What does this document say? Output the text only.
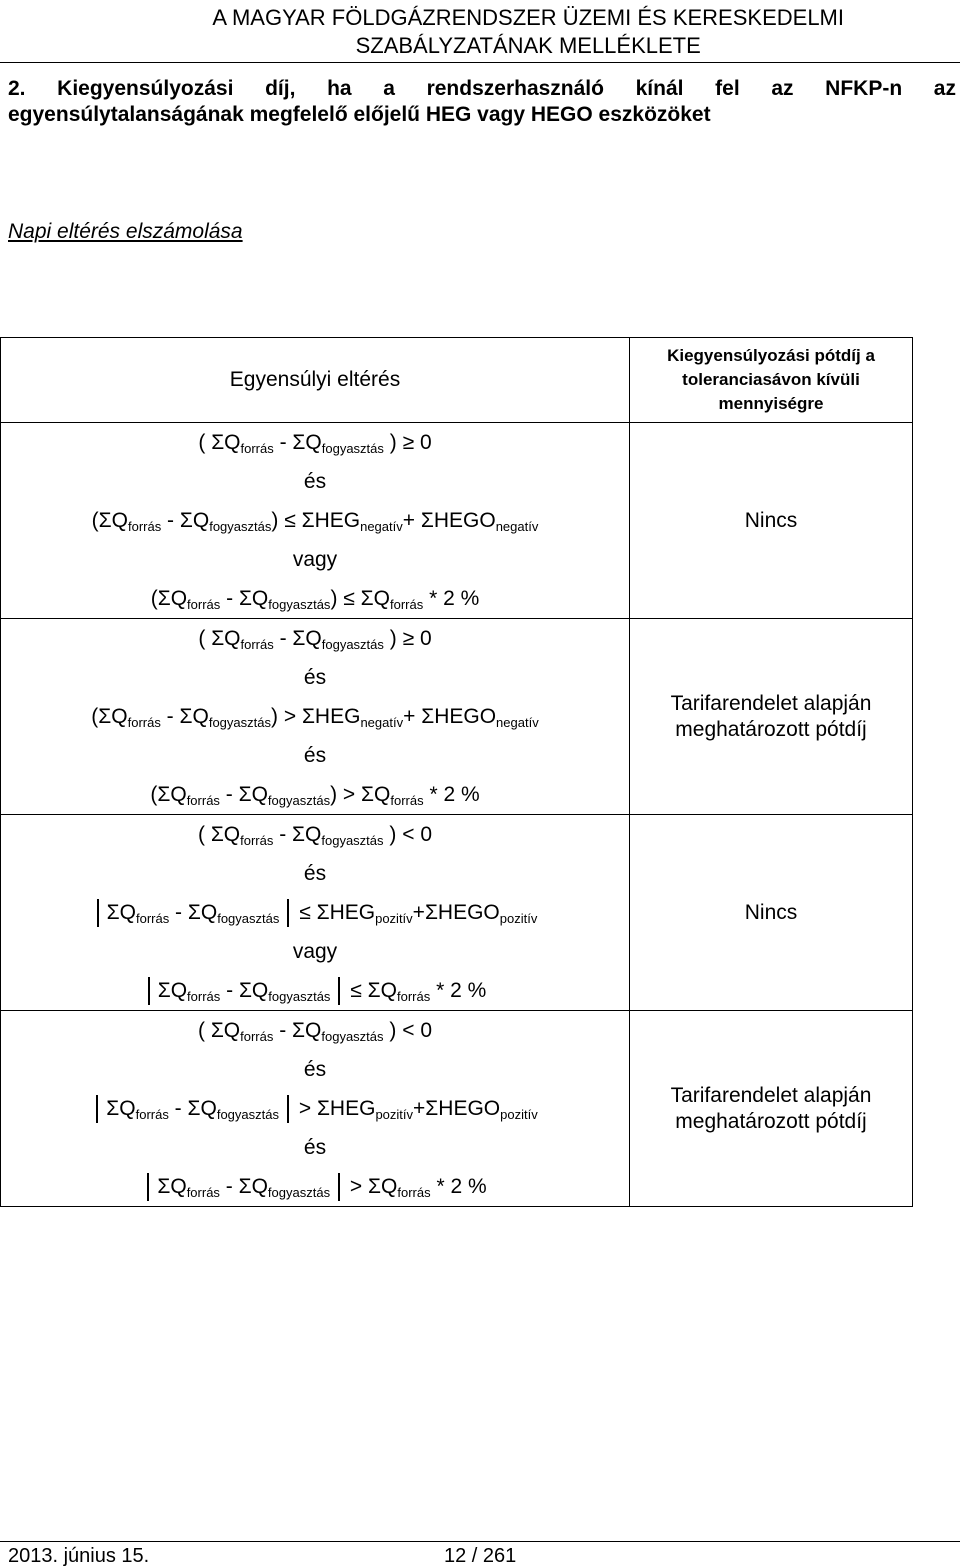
A MAGYAR FÖLDGÁZRENDSZER ÜZEMI ÉS KERESKEDELMI
SZABÁLYZATÁNAK MELLÉKLETE
2. Kiegyensúlyozási díj, ha a rendszerhasználó kínál fel az NFKP-n az
egyensúlytalanságának megfelelő előjelű HEG vagy HEGO eszközöket
Napi eltérés elszámolása
Egyensúlyi eltérés	Kiegyensúlyozási pótdíj a toleranciasávon kívüli mennyiségre

( $\Sigma Q_{forrás} - \Sigma Q_{fogyasztás}$ ) ≥ 0
és
$(\Sigma Q_{forrás} - \Sigma Q_{fogyasztás}) \le \Sigma HEG_{negatív}+$ $\Sigma HEGO_{negatív}$
vagy
$(\Sigma Q_{forrás} - \Sigma Q_{fogyasztás}) \le \Sigma Q_{forrás} * 2$ %	Nincs

( $\Sigma Q_{forrás} - \Sigma Q_{fogyasztás}$ ) ≥ 0
és
$(\Sigma Q_{forrás} - \Sigma Q_{fogyasztás}) > \Sigma HEG_{negatív}+$ $\Sigma HEGO_{negatív}$
és
$(\Sigma Q_{forrás} - \Sigma Q_{fogyasztás}) > \Sigma Q_{forrás} * 2$ %	Tarifarendelet alapján meghatározott pótdíj

( $\Sigma Q_{forrás} - \Sigma Q_{fogyasztás}$ ) < 0
és
$\Sigma Q_{forrás} - \Sigma Q_{fogyasztás}$ ≤ $\Sigma HEG_{pozitív}+\Sigma HEGO_{pozitív}$
vagy
$\Sigma Q_{forrás} - \Sigma Q_{fogyasztás} \le \Sigma Q_{forrás} * 2$ %	Nincs

( $\Sigma Q_{forrás} - \Sigma Q_{fogyasztás}$ ) < 0
és
$\Sigma Q_{forrás} - \Sigma Q_{fogyasztás}$ > $\Sigma HEG_{pozitív}+\Sigma HEGO_{pozitív}$
és
$\Sigma Q_{forrás} - \Sigma Q_{fogyasztás} > \Sigma Q_{forrás} * 2$ %	Tarifarendelet alapján meghatározott pótdíj
2013. június 15.	12 / 261
